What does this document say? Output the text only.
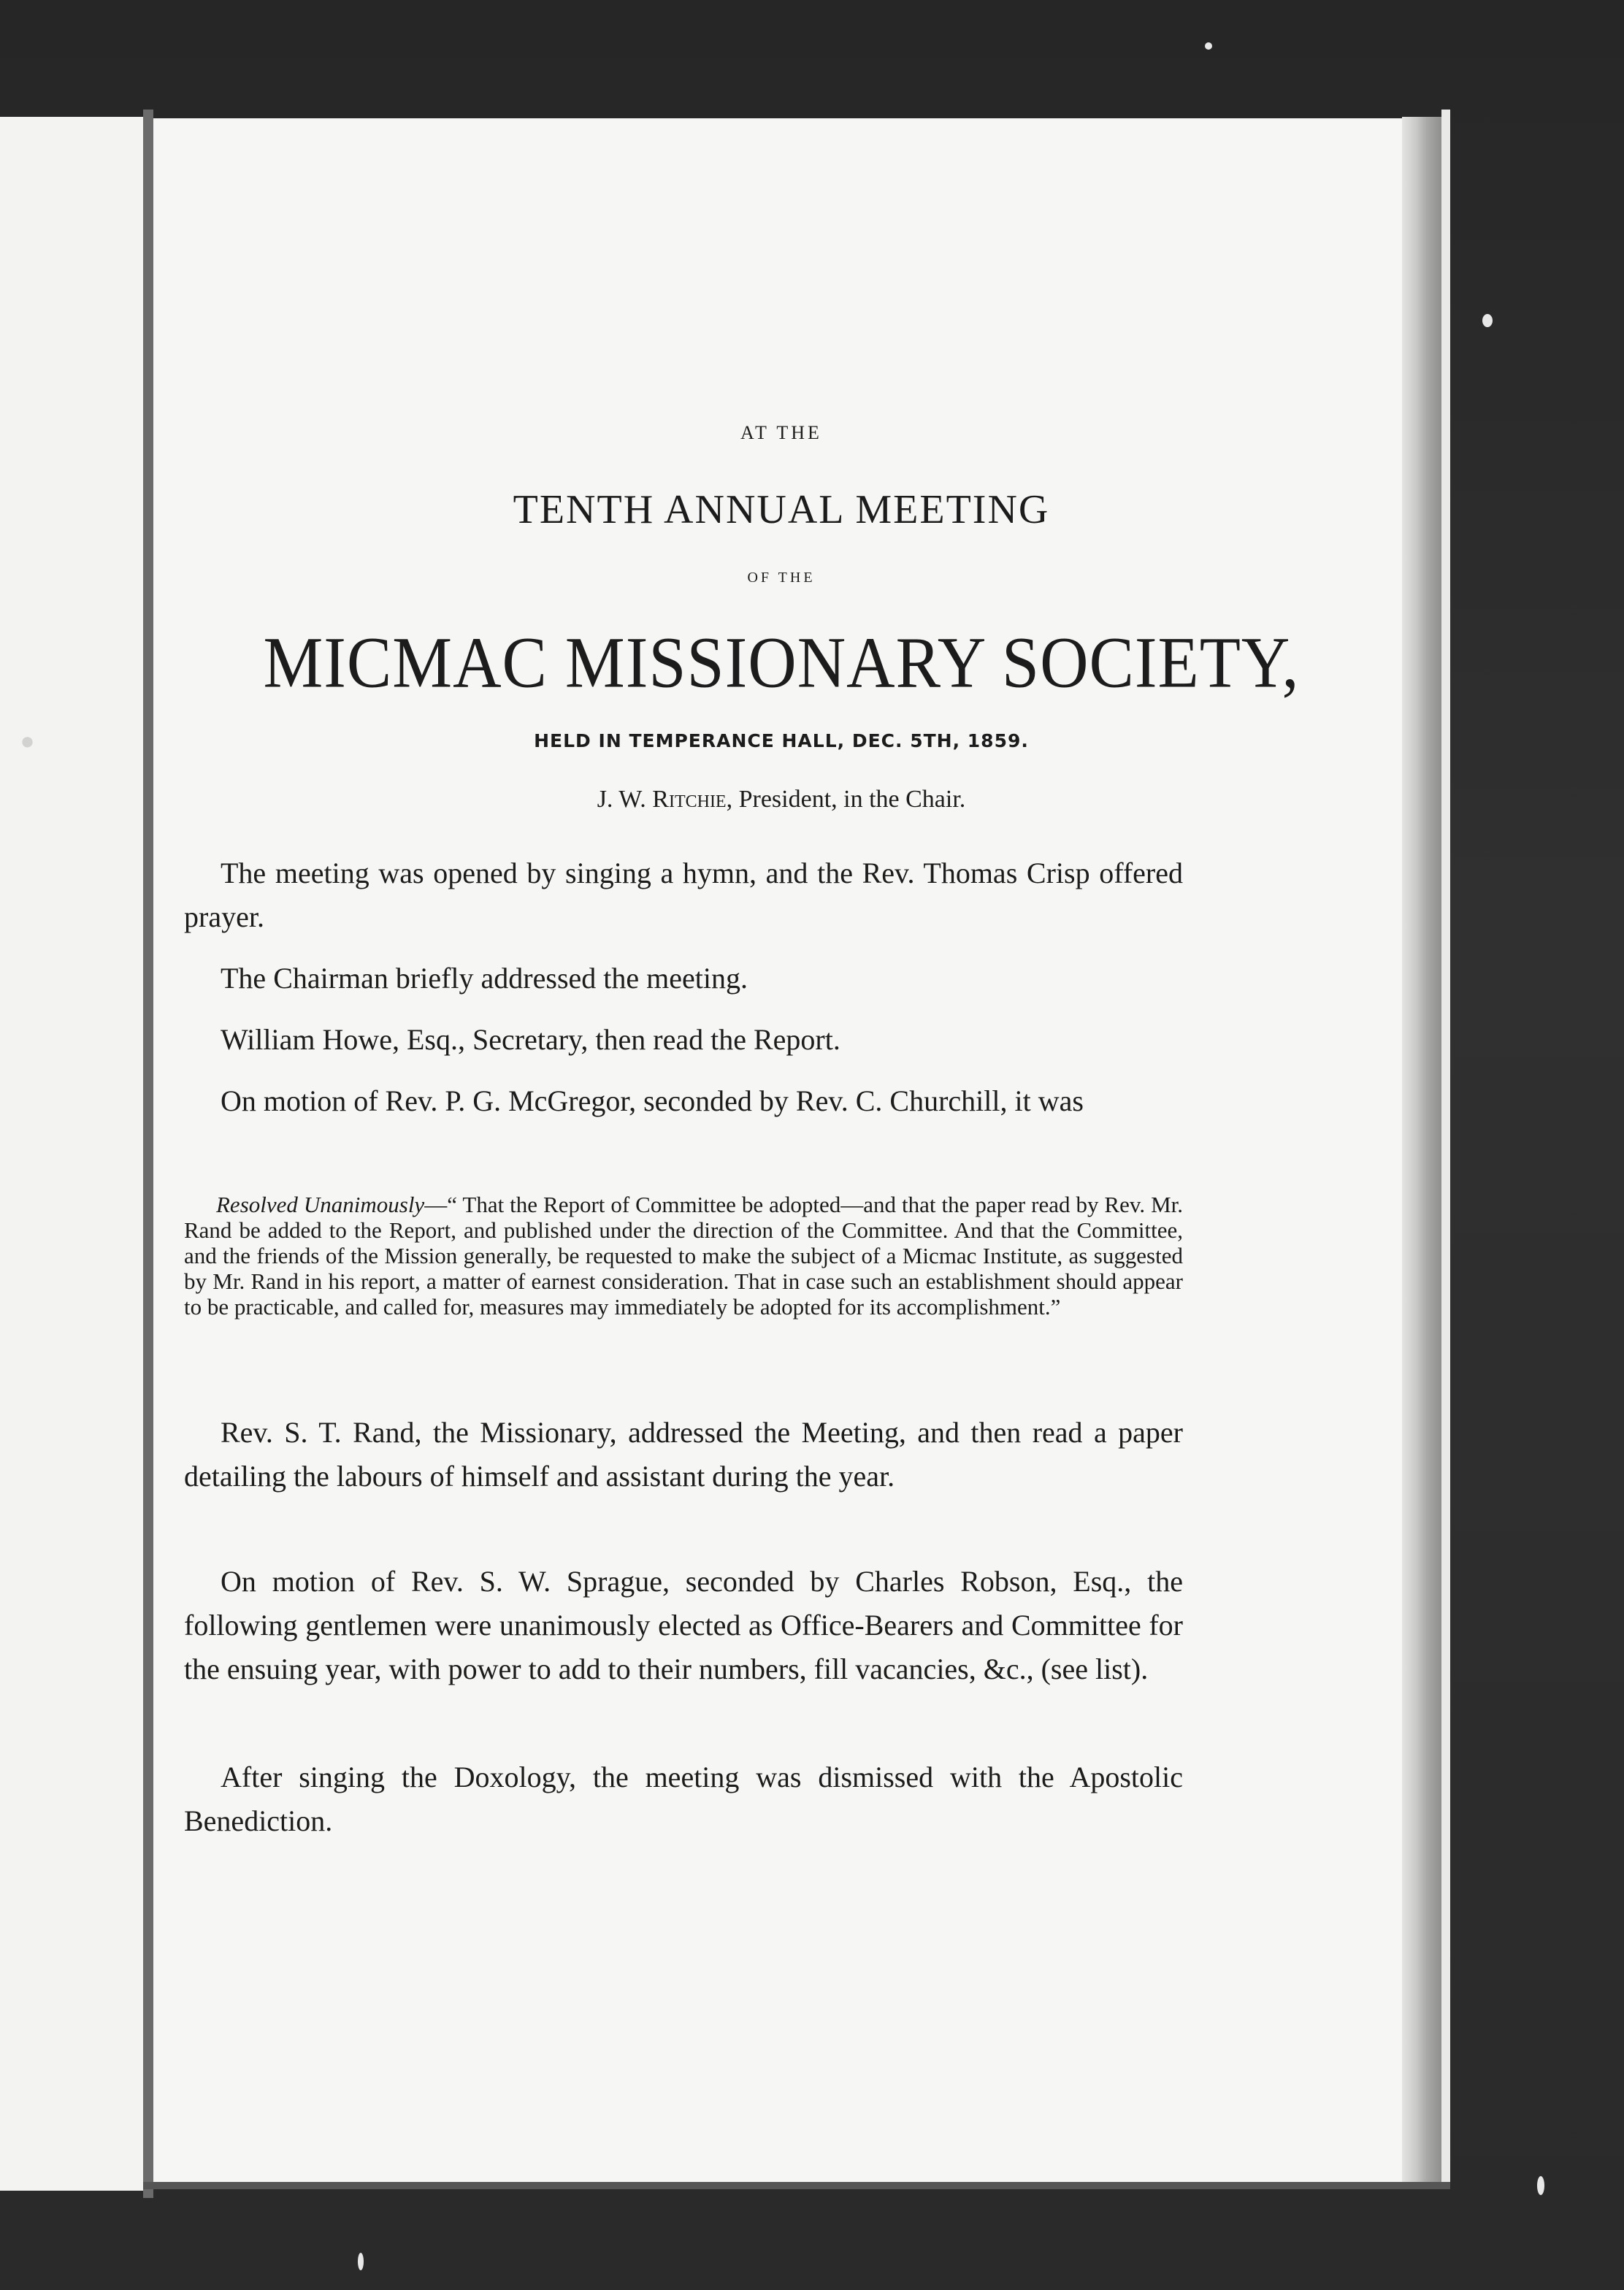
.
AT THE
TENTH ANNUAL MEETING
OF THE
MICMAC MISSIONARY SOCIETY,
HELD IN TEMPERANCE HALL, DEC. 5TH, 1859.
J. W. Ritchie, President, in the Chair.
The meeting was opened by singing a hymn, and the Rev. Thomas Crisp offered prayer.
The Chairman briefly addressed the meeting.
William Howe, Esq., Secretary, then read the Report.
On motion of Rev. P. G. McGregor, seconded by Rev. C. Churchill, it was
Resolved Unanimously—“ That the Report of Committee be adopted—and that the paper read by Rev. Mr. Rand be added to the Report, and published under the direction of the Committee. And that the Committee, and the friends of the Mission generally, be requested to make the subject of a Micmac Institute, as suggested by Mr. Rand in his report, a matter of earnest consideration. That in case such an establishment should appear to be practicable, and called for, measures may immediately be adopted for its accomplishment.”
Rev. S. T. Rand, the Missionary, addressed the Meeting, and then read a paper detailing the labours of himself and assistant during the year.
On motion of Rev. S. W. Sprague, seconded by Charles Robson, Esq., the following gentlemen were unanimously elected as Office-Bearers and Committee for the ensuing year, with power to add to their numbers, fill vacancies, &c., (see list).
After singing the Doxology, the meeting was dismissed with the Apostolic Benediction.
